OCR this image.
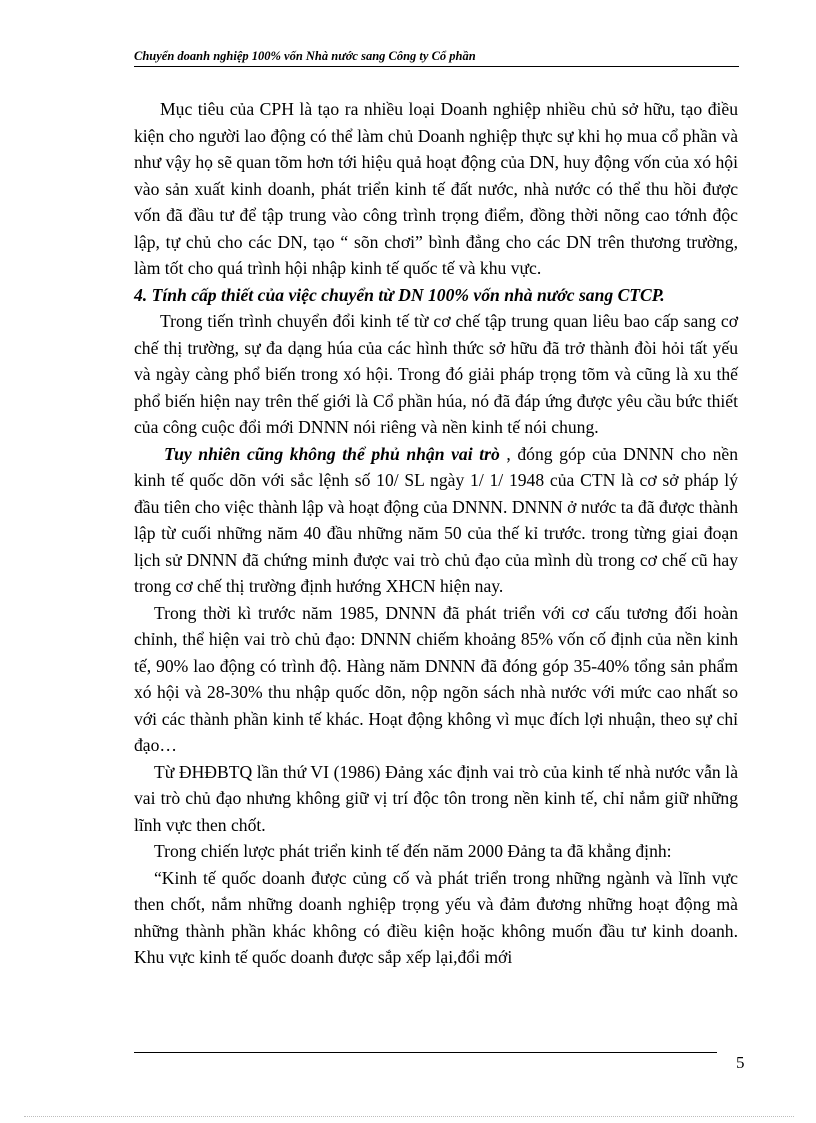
Chuyển doanh nghiệp 100% vốn Nhà nước sang Công ty Cổ phần

Mục tiêu của CPH là tạo ra nhiều loại Doanh nghiệp nhiều chủ sở hữu, tạo điều kiện cho người lao động có thể làm chủ Doanh nghiệp thực sự khi họ mua cổ phần và như vậy họ sẽ quan tõm hơn tới hiệu quả hoạt động của DN, huy động vốn của xó hội vào sản xuất kinh doanh, phát triển kinh tế đất nước, nhà nước có thể thu hồi được vốn đã đầu tư để tập trung vào công trình trọng điểm, đồng thời nõng cao tớnh độc lập, tự chủ cho các DN, tạo “ sõn chơi” bình đẳng cho các DN trên thương trường, làm tốt cho quá trình hội nhập kinh tế quốc tế và khu vực.

4. Tính cấp thiết của việc chuyển từ DN 100% vốn nhà nước sang CTCP.

Trong tiến trình chuyển đổi kinh tế từ cơ chế tập trung quan liêu bao cấp sang cơ chế thị trường, sự đa dạng húa của các hình thức sở hữu đã trở thành đòi hỏi tất yếu và ngày càng phổ biến trong xó hội. Trong đó giải pháp trọng tõm và cũng là xu thế phổ biến hiện nay trên thế giới là Cổ phần húa, nó đã đáp ứng được yêu cầu bức thiết của công cuộc đổi mới DNNN nói riêng và nền kinh tế nói chung.

Tuy nhiên cũng không thể phủ nhận vai trò , đóng góp của DNNN cho nền kinh tế quốc dõn với sắc lệnh số 10/ SL ngày 1/ 1/ 1948 của CTN là cơ sở pháp lý đầu tiên cho việc thành lập và hoạt động của DNNN. DNNN ở nước ta đã được thành lập từ cuối những năm 40 đầu những năm 50 của thế kỉ trước. trong từng giai đoạn lịch sử DNNN đã chứng minh được vai trò chủ đạo của mình dù trong cơ chế cũ hay trong cơ chế thị trường định hướng XHCN hiện nay.

Trong thời kì trước năm 1985, DNNN đã phát triển với cơ cấu tương đối hoàn chỉnh, thể hiện vai trò chủ đạo: DNNN chiếm khoảng 85% vốn cố định của nền kinh tế, 90% lao động có trình độ. Hàng năm DNNN đã đóng góp 35-40% tổng sản phẩm xó hội và 28-30% thu nhập quốc dõn, nộp ngõn sách nhà nước với mức cao nhất so với các thành phần kinh tế khác. Hoạt động không vì mục đích lợi nhuận, theo sự chỉ đạo…

Từ ĐHĐBTQ lần thứ VI (1986) Đảng xác định vai trò của kinh tế nhà nước vẫn là vai trò chủ đạo nhưng không giữ vị trí độc tôn trong nền kinh tế, chỉ nắm giữ những lĩnh vực then chốt.

Trong chiến lược phát triển kinh tế đến năm 2000 Đảng ta đã khẳng định:

“Kinh tế quốc doanh được củng cố và phát triển trong những ngành và lĩnh vực then chốt, nắm những doanh nghiệp trọng yếu và đảm đương những hoạt động mà những thành phần khác không có điều kiện hoặc không muốn đầu tư kinh doanh. Khu vực kinh tế quốc doanh được sắp xếp lại,đổi mới

5
